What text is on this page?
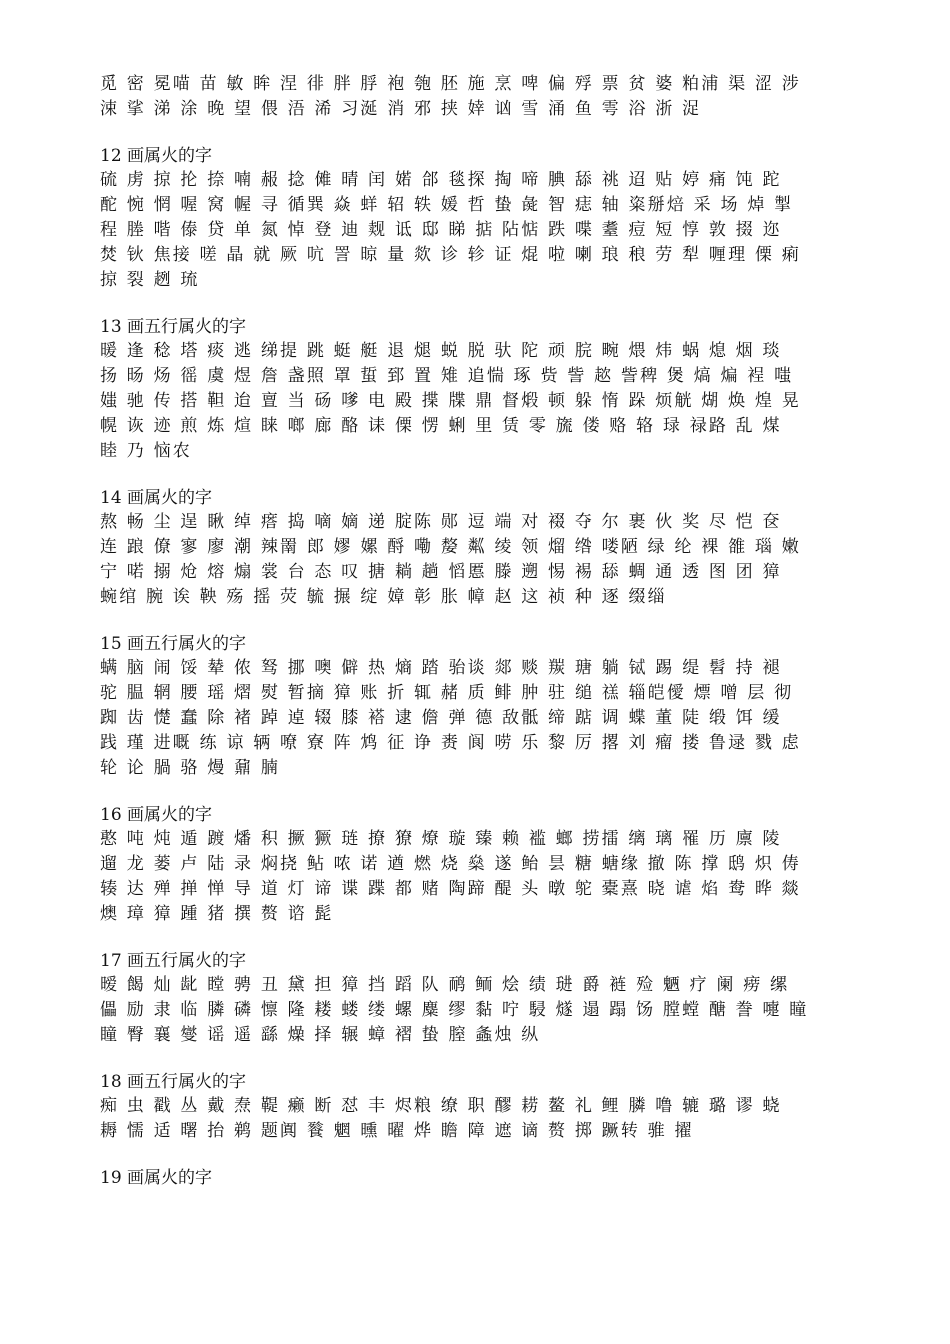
觅 密 冕喵 苗 敏 眸 涅 徘 胖 脬 袍 匏 胚 施 烹 啤 偏 殍 票 贫 婆 粕浦 渠 涩 涉
涑 挲 涕 涂 晚 望 偎 浯 浠 习涎 消 邪 挟 婞 讻 雪 涌 鱼 雩 浴 浙 浞

12 画属火的字

硫 虏 掠 抡 捺 喃 赧 捻 傩 晴 闰 婼 郃 毯探 掏 啼 腆 舔 祧 迢 贴 婷 痛 饨 跎
酡 惋 惘 喔 窝 幄 寻 循巽 焱 蛘 轺 轶 媛 哲 蛰 彘 智 痣 轴 粢掰焙 采 场 焯 掣
程 塍 喈 傣 贷 单 氮 悼 登 迪 觌 诋 邸 睇 掂 阽惦 跌 喋 耋 痘 短 惇 敦 掇 迩
焚 钬 焦接 嗟 晶 就 厥 吭 詈 晾 量 欻 诊 轸 证 焜 啦 喇 琅 稂 劳 犁 喱理 傈 痢
掠 裂 趔 琉

13 画五行属火的字

暖 逢 稔 塔 痰 逃 绨提 跳 蜓 艇 退 煺 蜕 脱 驮 陀 顽 脘 畹 煨 炜 蜗 熄 烟 琰
扬 旸 炀 徭 虞 煜 詹 盏照 罩 蜇 郅 置 雉 追惴 琢 赀 訾 趑 訾稗 煲 熇 煸 裎 嗤
媸 驰 传 搭 靼 迨 亶 当 砀 嗲 电 殿 揲 牒 鼎 督煅 顿 躲 惰 跺 烦觥 煳 焕 煌 晃
幌 诙 迹 煎 炼 煊 睐 啷 廊 酪 诔 傈 愣 蜊 里 赁 零 旒 偻 赂 辂 琭 禄路 乱 煤
睦 乃 恼农

14 画属火的字

熬 畅 尘 逞 瞅 绰 瘩 捣 嘀 嫡 递 腚陈 郧 逗 端 对 裰 夺 尔 裹 伙 奖 尽 恺 奁
连 踉 僚 寥 廖 潮 辣罱 郎 嫪 嫘 酹 嘞 嫠 粼 绫 领 熘 绺 喽陋 绿 纶 裸 雒 瑙 嫩
宁 喏 搦 炝 熔 煽 裳 台 态 叹 搪 耥 趟 慆慝 滕 遡 惕 裼 舔 蜩 通 透 图 团 獐
蜿绾 腕 诶 鞅 殇 摇 荧 毓 搌 绽 嫜 彰 胀 幛 赵 这 祯 种 逐 缀缁

15 画五行属火的字

螨 脑 闹 馁 辇 侬 驽 挪 噢 僻 热 熵 踏 骀谈 郯 赕 羰 瑭 躺 铽 踢 缇 髫 持 褪
驼 腽 辋 腰 瑶 熠 熨 暂摘 獐 账 折 辄 赭 质 鲱 肿 驻 缒 禚 辎皑僾 熛 噌 层 彻
踟 齿 憷 蠢 除 褚 踔 逴 辍 膝 褡 逮 儋 弹 德 敌骶 缔 踮 调 蝶 董 陡 缎 饵 缓
践 瑾 进嘅 练 谅 辆 嘹 寮 阵 鸩 征 诤 赉 阆 唠 乐 黎 厉 撂 刘 瘤 搂 鲁逯 戮 虑
轮 论 腡 骆 熳 鼐 腩

16 画属火的字

憨 吨 炖 遁 踱 燔 积 撅 獗 琏 撩 獠 燎 璇 臻 赖 褴 螂 捞擂 缡 璃 罹 历 廪 陵
遛 龙 蒌 卢 陆 录 焖挠 鲇 哝 诺 遒 燃 烧 燊 遂 鲐 昙 糖 螗缘 撤 陈 撑 鸱 炽 俦
辏 达 殚 掸 惮 导 道 灯 谛 谍 蹀 都 赌 陶蹄 醍 头 暾 鸵 橐熹 晓 谑 焰 鸯 晔 燚
燠 璋 獐 踵 猪 撰 赘 谘 髭

17 画五行属火的字

暧 餲 灿 龀 瞠 骋 丑 黛 担 獐 挡 蹈 队 鸸 鲕 烩 绩 琎 爵 裢 殓 魉 疗 阑 痨 缧
儡 励 隶 临 膦 磷 懔 隆 耧 蝼 缕 螺 麋 缪 黏 咛 駸 燧 遢 蹋 饧 膛螳 醣 誊 嚏 瞳
瞳 臀 襄 燮 谣 遥 繇 燥 择 辗 蟑 褶 蛰 膣 螽烛 纵

18 画五行属火的字

痴 虫 戳 丛 戴 焘 鞮 癞 断 怼 丰 烬粮 缭 职 醪 耢 鳌 礼 鲤 膦 噜 辘 璐 谬 蛲
耨 懦 适 曙 抬 鹈 题阗 餮 魍 曛 曜 烨 瞻 障 遮 谪 赘 掷 蹶转 骓 擢

19 画属火的字
